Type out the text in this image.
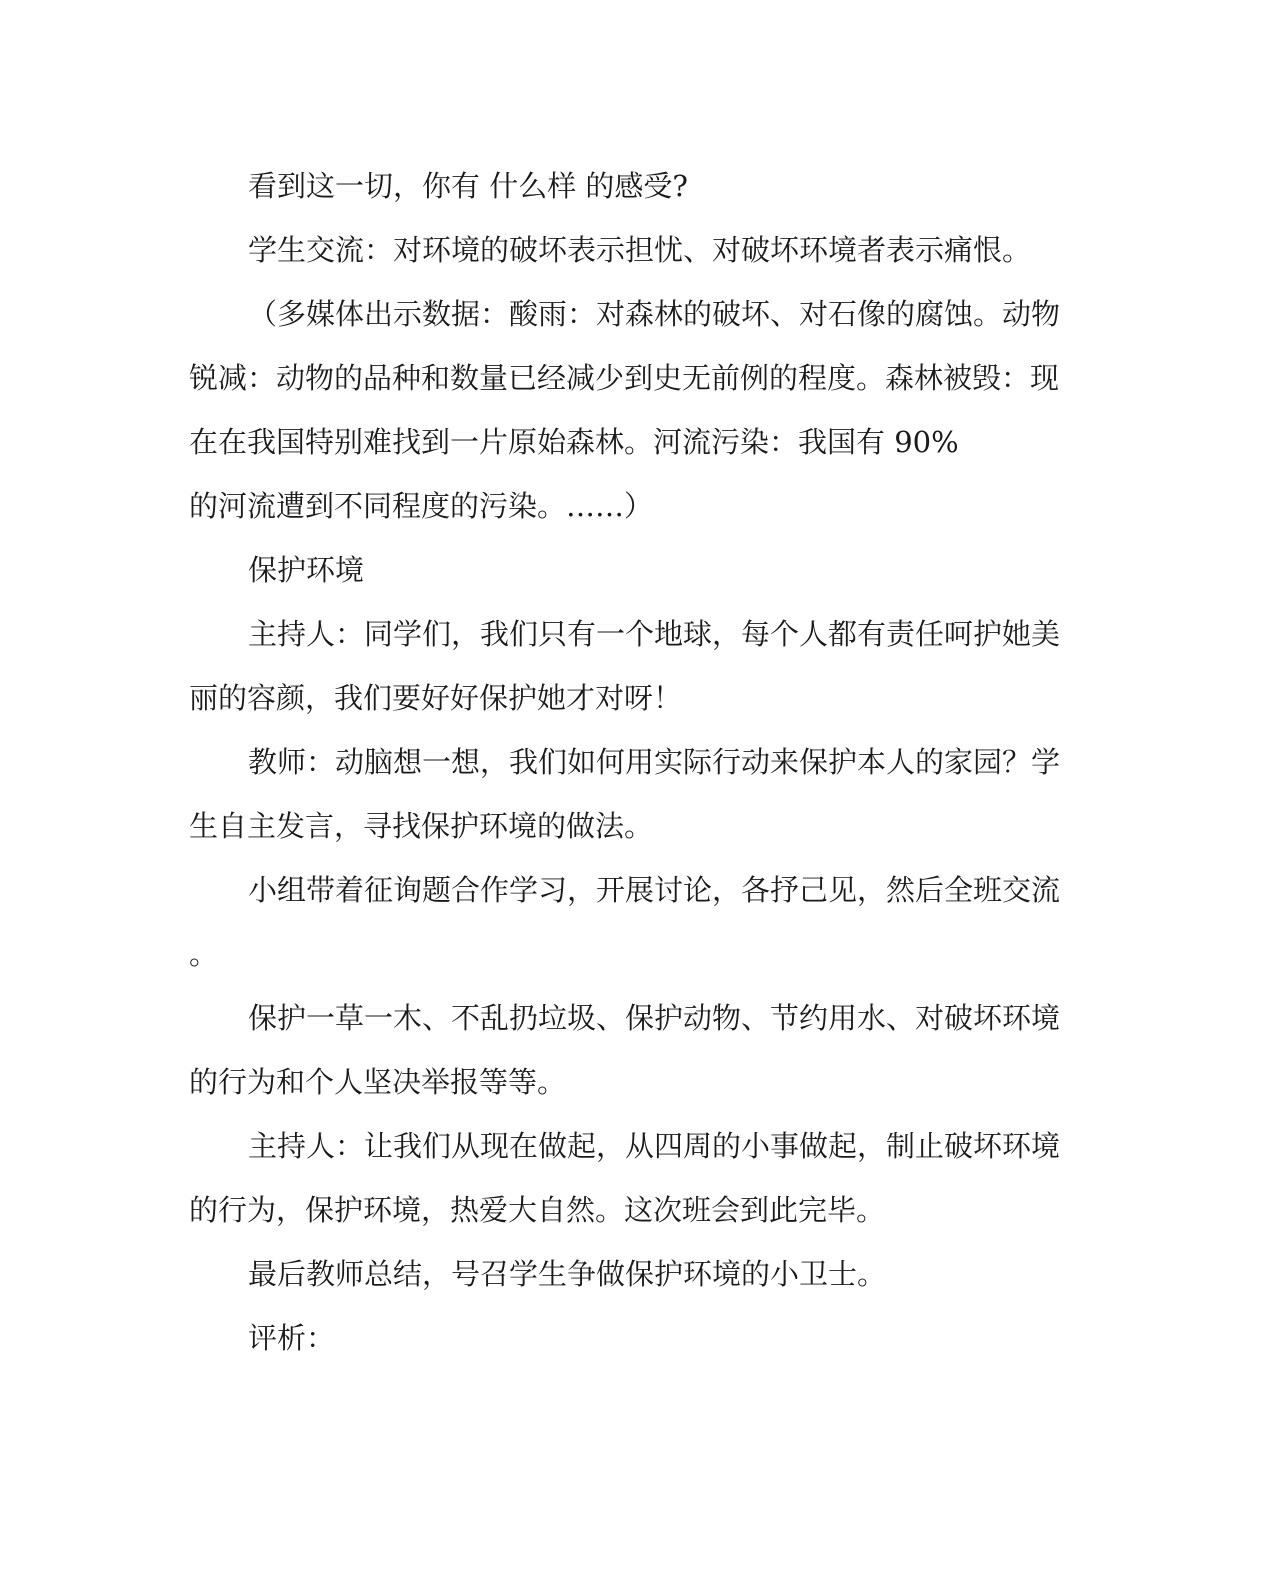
看到这一切，你有 什么样 的感受?
学生交流：对环境的破坏表示担忧、对破坏环境者表示痛恨。
（多媒体出示数据：酸雨：对森林的破坏、对石像的腐蚀。动物
锐减：动物的品种和数量已经减少到史无前例的程度。森林被毁：现
在在我国特别难找到一片原始森林。河流污染：我国有 90%
的河流遭到不同程度的污染。……）
保护环境
主持人：同学们，我们只有一个地球，每个人都有责任呵护她美
丽的容颜，我们要好好保护她才对呀！
教师：动脑想一想，我们如何用实际行动来保护本人的家园？学
生自主发言，寻找保护环境的做法。
小组带着征询题合作学习，开展讨论，各抒己见，然后全班交流
。
保护一草一木、不乱扔垃圾、保护动物、节约用水、对破坏环境
的行为和个人坚决举报等等。
主持人：让我们从现在做起，从四周的小事做起，制止破坏环境
的行为，保护环境，热爱大自然。这次班会到此完毕。
最后教师总结，号召学生争做保护环境的小卫士。
评析：
